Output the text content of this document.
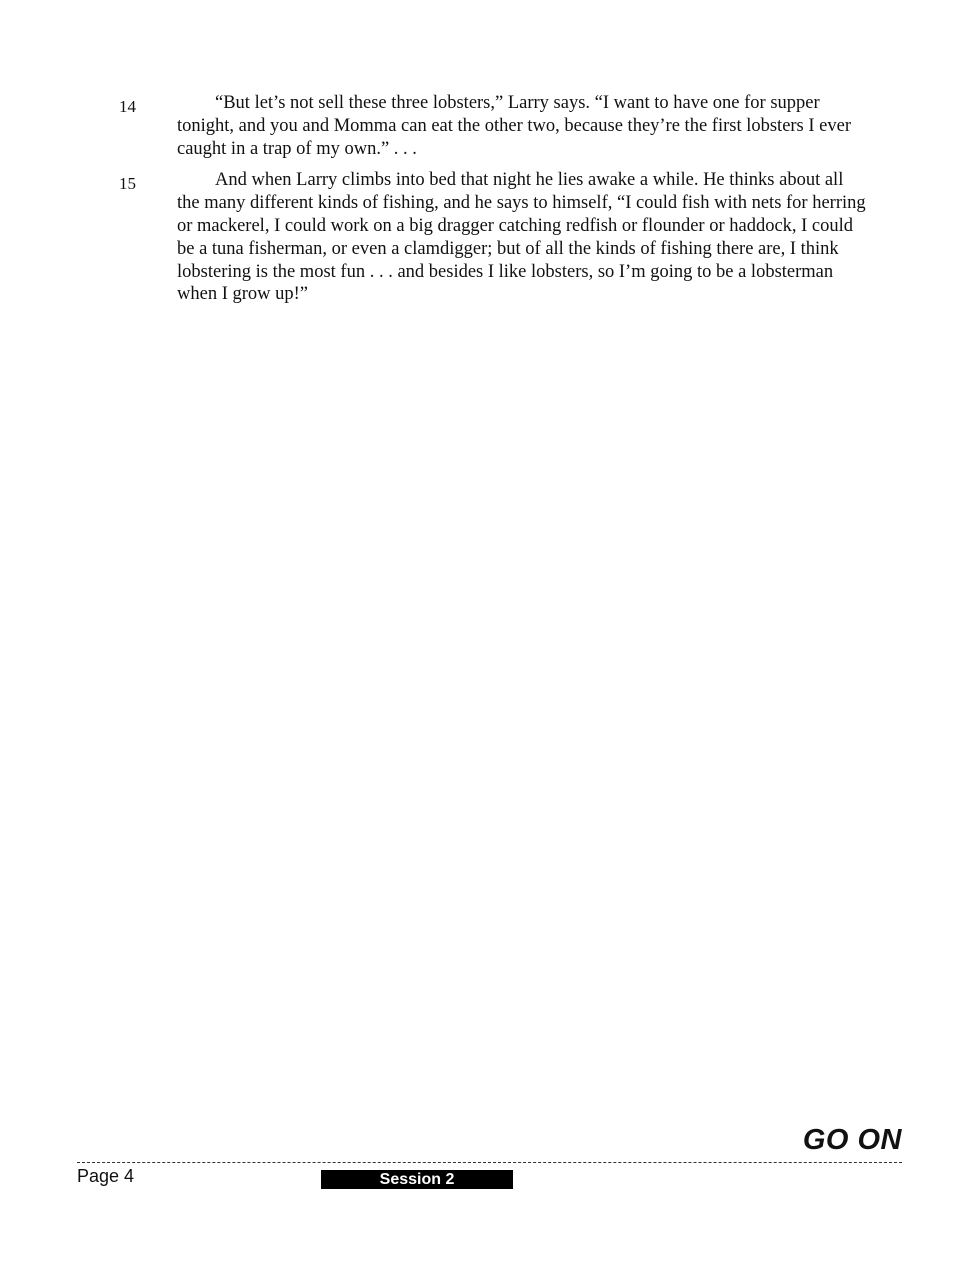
14	“But let’s not sell these three lobsters,” Larry says. “I want to have one for supper tonight, and you and Momma can eat the other two, because they’re the first lobsters I ever caught in a trap of my own.” . . .

15	And when Larry climbs into bed that night he lies awake a while. He thinks about all the many different kinds of fishing, and he says to himself, “I could fish with nets for herring or mackerel, I could work on a big dragger catching redfish or flounder or haddock, I could be a tuna fisherman, or even a clamdigger; but of all the kinds of fishing there are, I think lobstering is the most fun . . . and besides I like lobsters, so I’m going to be a lobsterman when I grow up!”

GO ON
Page 4	Session 2
